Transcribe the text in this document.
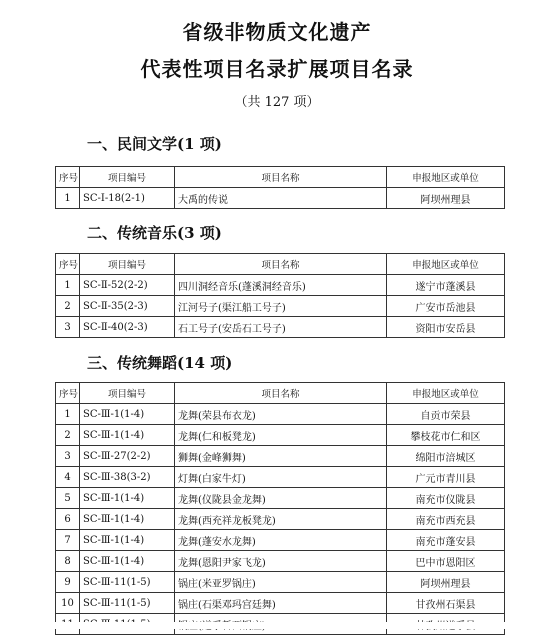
省级非物质文化遗产
代表性项目名录扩展项目名录
（共 127 项）
一、民间文学(1 项)
序号	项目编号	项目名称	申报地区或单位
1	SC-Ⅰ-18(2-1)	大禹的传说	阿坝州理县
二、传统音乐(3 项)
序号	项目编号	项目名称	申报地区或单位
1	SC-Ⅱ-52(2-2)	四川洞经音乐(蓬溪洞经音乐)	遂宁市蓬溪县
2	SC-Ⅱ-35(2-3)	江河号子(渠江船工号子)	广安市岳池县
3	SC-Ⅱ-40(2-3)	石工号子(安岳石工号子)	资阳市安岳县
三、传统舞蹈(14 项)
序号	项目编号	项目名称	申报地区或单位
1	SC-Ⅲ-1(1-4)	龙舞(荣县布衣龙)	自贡市荣县
2	SC-Ⅲ-1(1-4)	龙舞(仁和板凳龙)	攀枝花市仁和区
3	SC-Ⅲ-27(2-2)	狮舞(金峰狮舞)	绵阳市涪城区
4	SC-Ⅲ-38(3-2)	灯舞(白家牛灯)	广元市青川县
5	SC-Ⅲ-1(1-4)	龙舞(仪陇县金龙舞)	南充市仪陇县
6	SC-Ⅲ-1(1-4)	龙舞(西充祥龙板凳龙)	南充市西充县
7	SC-Ⅲ-1(1-4)	龙舞(蓬安水龙舞)	南充市蓬安县
8	SC-Ⅲ-1(1-4)	龙舞(恩阳尹家飞龙)	巴中市恩阳区
9	SC-Ⅲ-11(1-5)	锅庄(米亚罗锅庄)	阿坝州理县
10	SC-Ⅲ-11(1-5)	锅庄(石渠邓玛宫廷舞)	甘孜州石渠县
